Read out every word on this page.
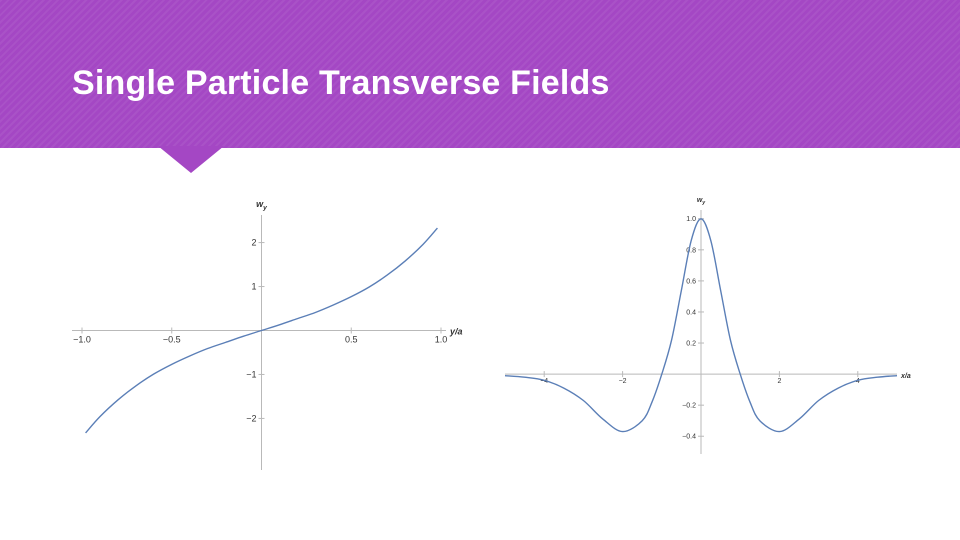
Single Particle Transverse Fields
−1.0	−0.5	0.5	1.0
2
1
−1
−2
y/a
$w_y$
−4	−2	2	4
1.0
0.8
0.6
0.4
0.2
−0.2
−0.4
x/a
$w_y$
